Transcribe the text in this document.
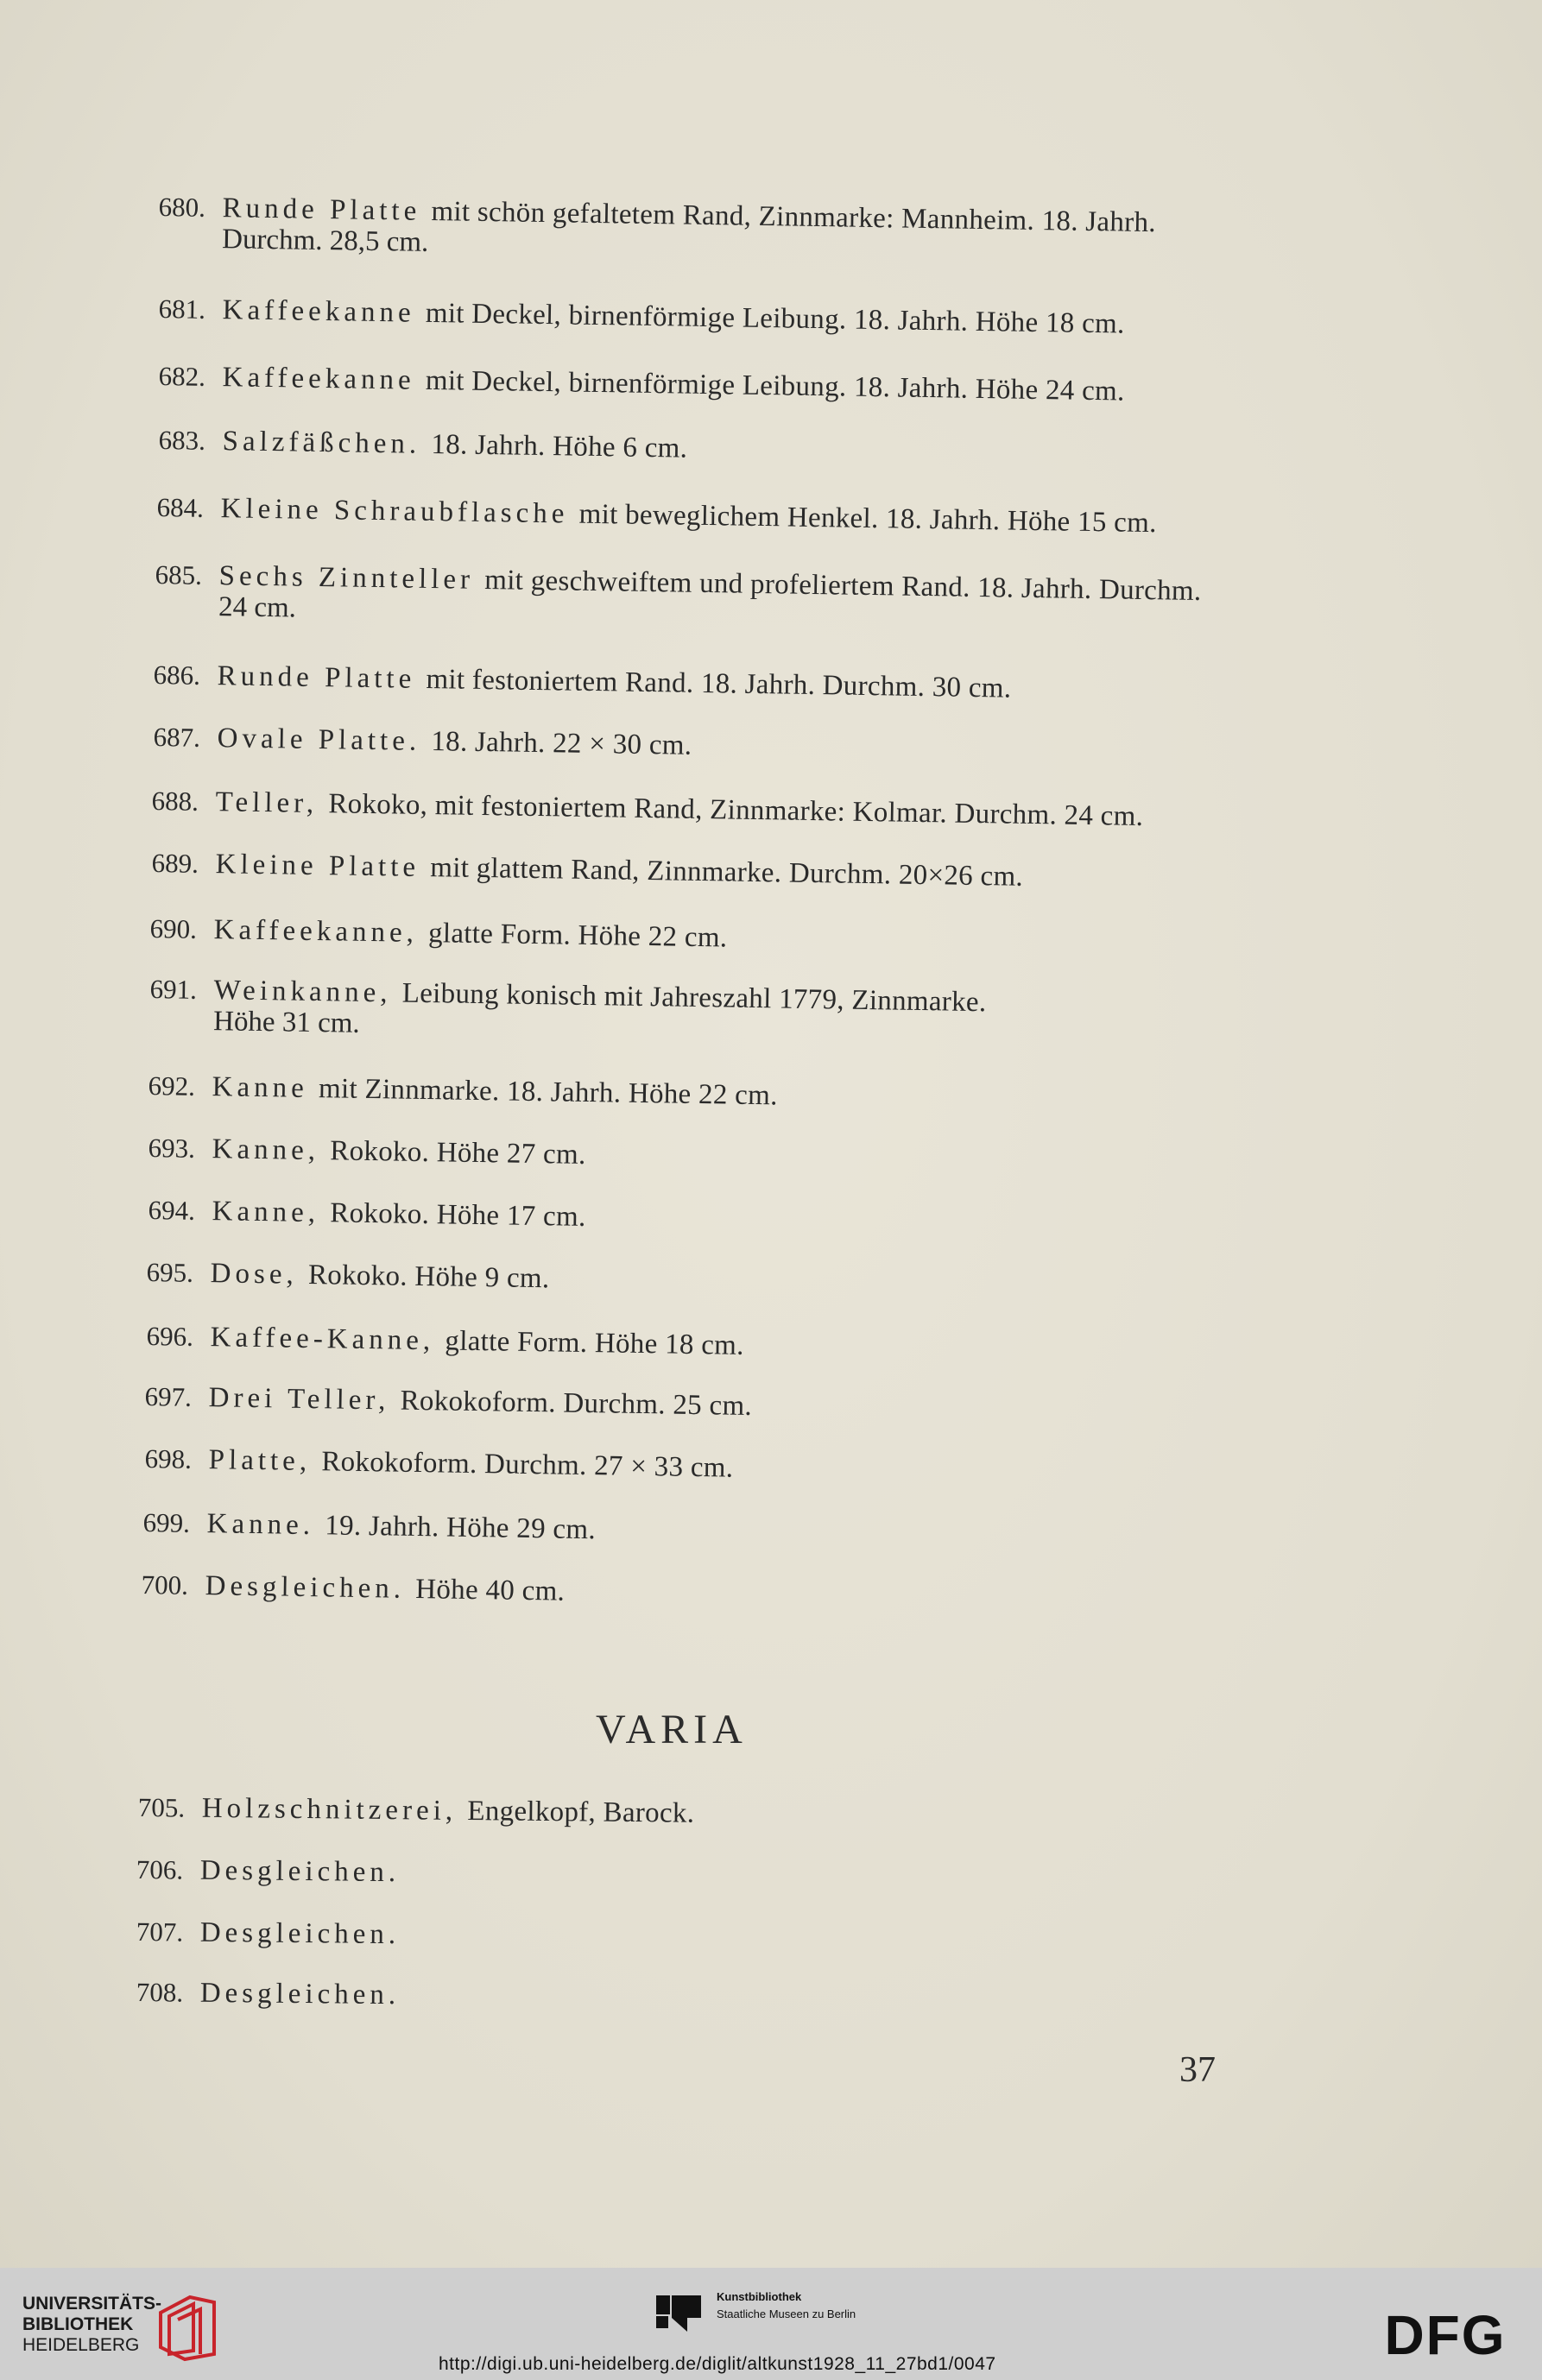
680. Runde Platte mit schön gefaltetem Rand, Zinnmarke: Mannheim. 18. Jahrh.
Durchm. 28,5 cm.
681. Kaffeekanne mit Deckel, birnenförmige Leibung. 18. Jahrh. Höhe 18 cm.
682. Kaffeekanne mit Deckel, birnenförmige Leibung. 18. Jahrh. Höhe 24 cm.
683. Salzfäßchen. 18. Jahrh. Höhe 6 cm.
684. Kleine Schraubflasche mit beweglichem Henkel. 18. Jahrh. Höhe 15 cm.
685. Sechs Zinnteller mit geschweiftem und profeliertem Rand. 18. Jahrh. Durchm.
24 cm.
686. Runde Platte mit festoniertem Rand. 18. Jahrh. Durchm. 30 cm.
687. Ovale Platte. 18. Jahrh. 22 × 30 cm.
688. Teller, Rokoko, mit festoniertem Rand, Zinnmarke: Kolmar. Durchm. 24 cm.
689. Kleine Platte mit glattem Rand, Zinnmarke. Durchm. 20×26 cm.
690. Kaffeekanne, glatte Form. Höhe 22 cm.
691. Weinkanne, Leibung konisch mit Jahreszahl 1779, Zinnmarke.
Höhe 31 cm.
692. Kanne mit Zinnmarke. 18. Jahrh. Höhe 22 cm.
693. Kanne, Rokoko. Höhe 27 cm.
694. Kanne, Rokoko. Höhe 17 cm.
695. Dose, Rokoko. Höhe 9 cm.
696. Kaffee-Kanne, glatte Form. Höhe 18 cm.
697. Drei Teller, Rokokoform. Durchm. 25 cm.
698. Platte, Rokokoform. Durchm. 27 × 33 cm.
699. Kanne. 19. Jahrh. Höhe 29 cm.
700. Desgleichen. Höhe 40 cm.
VARIA
705. Holzschnitzerei, Engelkopf, Barock.
706. Desgleichen.
707. Desgleichen.
708. Desgleichen.
37
UNIVERSITÄTS-
BIBLIOTHEK
HEIDELBERG
Kunstbibliothek
Staatliche Museen zu Berlin	DFG
http://digi.ub.uni-heidelberg.de/diglit/altkunst1928_11_27bd1/0047
